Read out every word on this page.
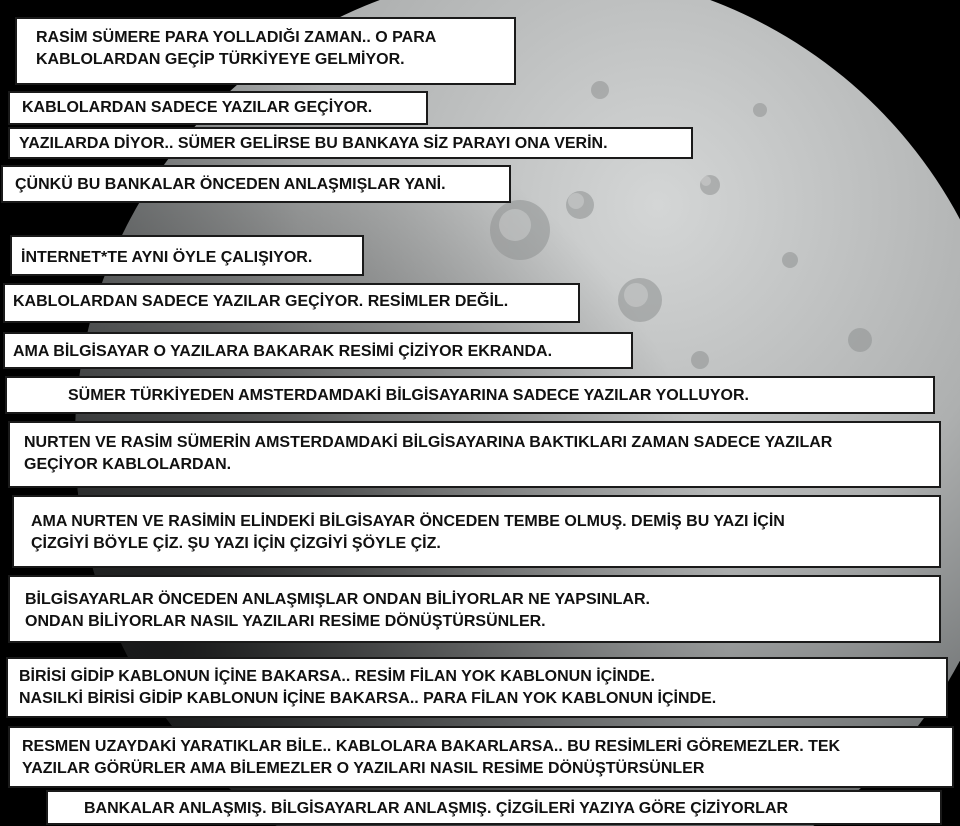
RASİM SÜMERE PARA YOLLADIĞI ZAMAN.. O PARA
KABLOLARDAN GEÇİP TÜRKİYEYE GELMİYOR.
KABLOLARDAN SADECE YAZILAR GEÇİYOR.
YAZILARDA DİYOR.. SÜMER GELİRSE BU BANKAYA SİZ PARAYI ONA VERİN.
ÇÜNKÜ BU BANKALAR ÖNCEDEN ANLAŞMIŞLAR YANİ.
İNTERNET*TE AYNI ÖYLE ÇALIŞIYOR.
KABLOLARDAN SADECE YAZILAR GEÇİYOR. RESİMLER DEĞİL.
AMA BİLGİSAYAR O YAZILARA BAKARAK RESİMİ ÇİZİYOR EKRANDA.
SÜMER TÜRKİYEDEN AMSTERDAMDAKİ BİLGİSAYARINA SADECE YAZILAR YOLLUYOR.
NURTEN VE RASİM SÜMERİN AMSTERDAMDAKİ BİLGİSAYARINA BAKTIKLARI ZAMAN SADECE YAZILAR
GEÇİYOR KABLOLARDAN.
AMA NURTEN VE RASİMİN ELİNDEKİ BİLGİSAYAR ÖNCEDEN TEMBE OLMUŞ. DEMİŞ BU YAZI İÇİN
ÇİZGİYİ BÖYLE ÇİZ. ŞU YAZI İÇİN ÇİZGİYİ ŞÖYLE ÇİZ.
BİLGİSAYARLAR ÖNCEDEN ANLAŞMIŞLAR ONDAN BİLİYORLAR NE YAPSINLAR.
ONDAN BİLİYORLAR NASIL YAZILARI RESİME DÖNÜŞTÜRSÜNLER.
BİRİSİ GİDİP KABLONUN İÇİNE BAKARSA.. RESİM FİLAN YOK KABLONUN İÇİNDE.
NASILKİ BİRİSİ GİDİP KABLONUN İÇİNE BAKARSA.. PARA FİLAN YOK KABLONUN İÇİNDE.
RESMEN UZAYDAKİ YARATIKLAR BİLE.. KABLOLARA BAKARLARSA.. BU RESİMLERİ GÖREMEZLER. TEK
YAZILAR GÖRÜRLER AMA BİLEMEZLER O YAZILARI NASIL RESİME DÖNÜŞTÜRSÜNLER
BANKALAR ANLAŞMIŞ. BİLGİSAYARLAR ANLAŞMIŞ. ÇİZGİLERİ YAZIYA GÖRE ÇİZİYORLAR
